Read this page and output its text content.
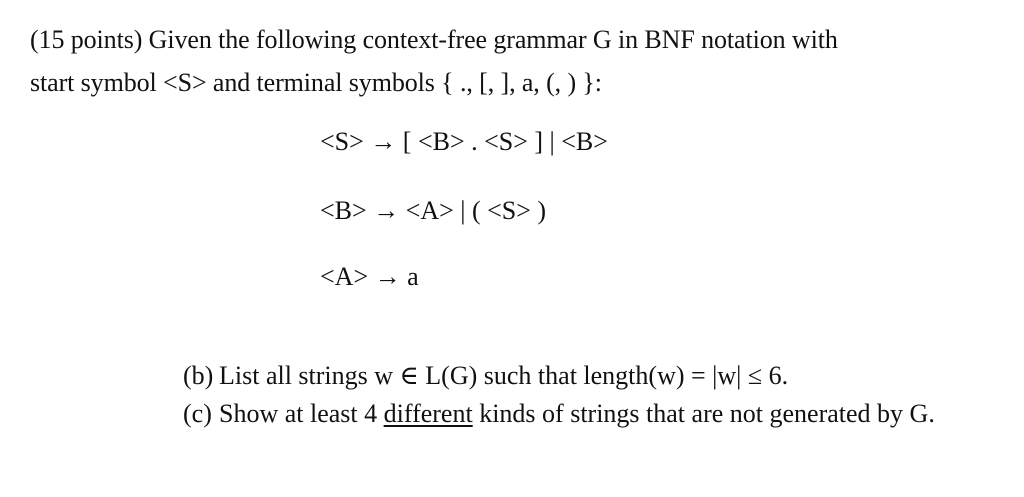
(15 points) Given the following context-free grammar G in BNF notation with
start symbol <S> and terminal symbols { ., [, ], a, (, ) }:
<S> → [ <B> . <S> ] | <B>
<B> → <A> | ( <S> )
<A> → a
(b) List all strings w ∈ L(G) such that length(w) = |w| ≤ 6.
(c) Show at least 4 different kinds of strings that are not generated by G.
